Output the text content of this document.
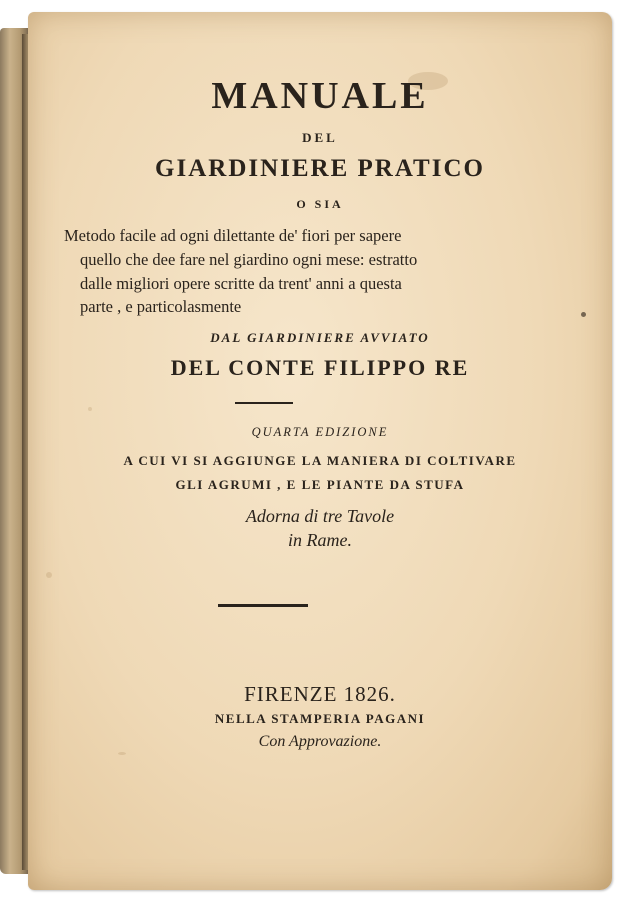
MANUALE
DEL
GIARDINIERE PRATICO
O SIA
Metodo facile ad ogni dilettante de' fiori per sapere
quello che dee fare nel giardino ogni mese: estratto
dalle migliori opere scritte da trent' anni a questa
parte , e particolasmente
DAL GIARDINIERE AVVIATO
DEL CONTE FILIPPO RE
QUARTA EDIZIONE
A CUI VI SI AGGIUNGE LA MANIERA DI COLTIVARE
GLI AGRUMI , E LE PIANTE DA STUFA
Adorna di tre Tavole
in Rame.
FIRENZE 1826.
NELLA STAMPERIA PAGANI
Con Approvazione.
